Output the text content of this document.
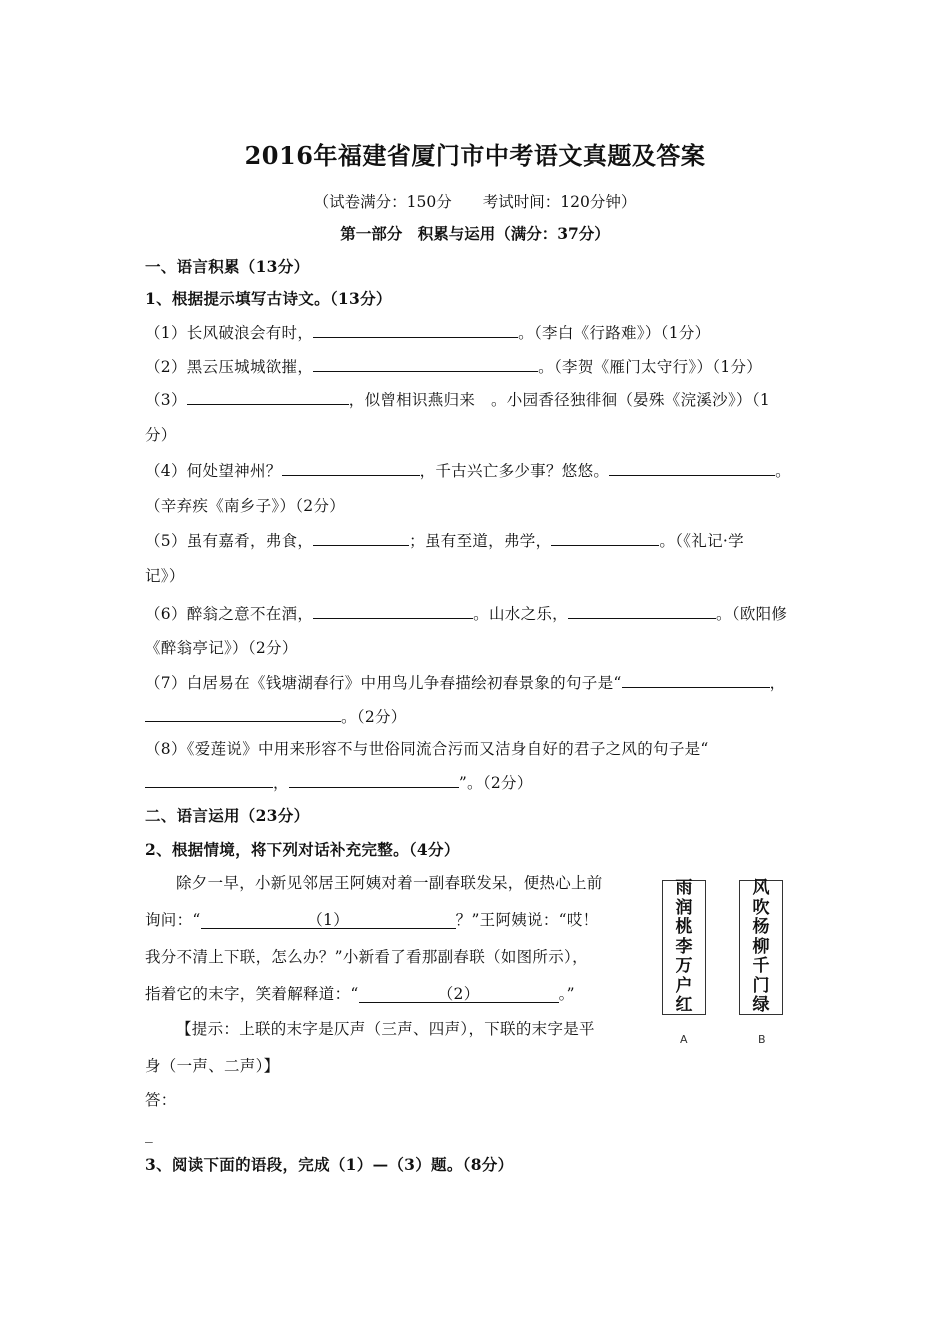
2016年福建省厦门市中考语文真题及答案
（试卷满分：150分　　考试时间：120分钟）
第一部分　积累与运用（满分：37分）
一、语言积累（13分）
1、根据提示填写古诗文。（13分）
（1）长风破浪会有时，	。（李白《行路难》）（1分）
（2）黑云压城城欲摧，	。（李贺《雁门太守行》）（1分）
（3）	，似曾相识燕归来　。小园香径独徘徊（晏殊《浣溪沙》）（1
分）
（4）何处望神州？	，千古兴亡多少事？悠悠。	。
（辛弃疾《南乡子》）（2分）
（5）虽有嘉肴，弗食，	；虽有至道，弗学，	。（《礼记·学
记》）
（6）醉翁之意不在酒，	。山水之乐，	。（欧阳修
《醉翁亭记》）（2分）
（7）白居易在《钱塘湖春行》中用鸟儿争春描绘初春景象的句子是“	，
。（2分）
（8）《爱莲说》中用来形容不与世俗同流合污而又洁身自好的君子之风的句子是“
，	”。（2分）
二、语言运用（23分）
2、根据情境，将下列对话补充完整。（4分）
除夕一早，小新见邻居王阿姨对着一副春联发呆，便热心上前
询问：“	（1）	？”王阿姨说：“哎！
我分不清上下联，怎么办？”小新看了看那副春联（如图所示），
指着它的末字，笑着解释道：“	（2）	。”
【提示：上联的末字是仄声（三声、四声），下联的末字是平
身（一声、二声）】
答：
_
雨
润
桃
李
万
户
红
风
吹
杨
柳
千
门
绿
A	B
3、阅读下面的语段，完成（1）—（3）题。（8分）
